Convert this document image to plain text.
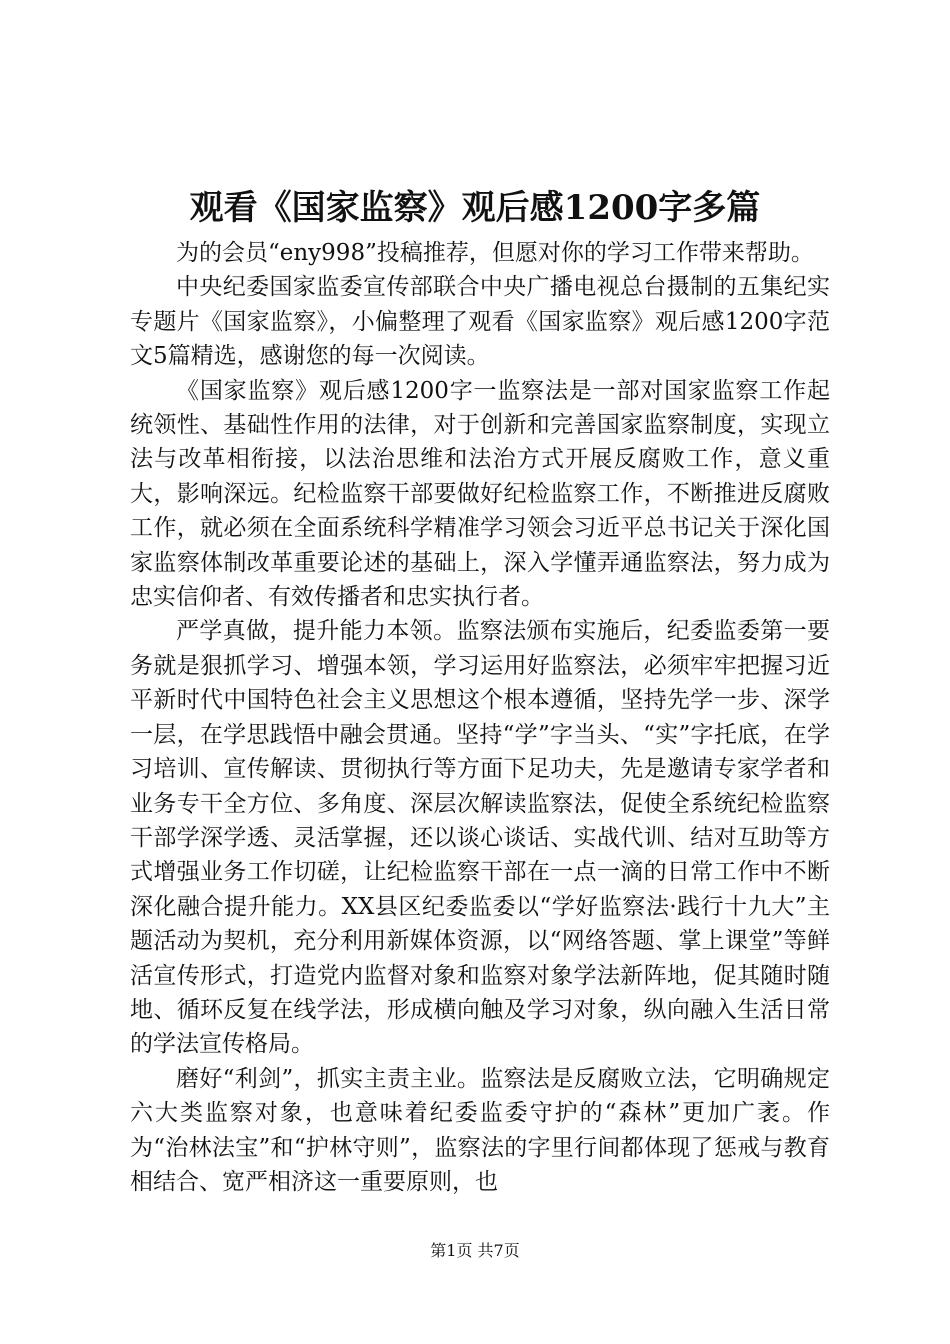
观看《国家监察》观后感1200字多篇

为的会员“eny998”投稿推荐，但愿对你的学习工作带来帮助。

中央纪委国家监委宣传部联合中央广播电视总台摄制的五集纪实专题片《国家监察》，小偏整理了观看《国家监察》观后感1200字范文5篇精选，感谢您的每一次阅读。

《国家监察》观后感1200字一监察法是一部对国家监察工作起统领性、基础性作用的法律，对于创新和完善国家监察制度，实现立法与改革相衔接，以法治思维和法治方式开展反腐败工作，意义重大，影响深远。纪检监察干部要做好纪检监察工作，不断推进反腐败工作，就必须在全面系统科学精准学习领会习近平总书记关于深化国家监察体制改革重要论述的基础上，深入学懂弄通监察法，努力成为忠实信仰者、有效传播者和忠实执行者。

严学真做，提升能力本领。监察法颁布实施后，纪委监委第一要务就是狠抓学习、增强本领，学习运用好监察法，必须牢牢把握习近平新时代中国特色社会主义思想这个根本遵循，坚持先学一步、深学一层，在学思践悟中融会贯通。坚持“学”字当头、“实”字托底，在学习培训、宣传解读、贯彻执行等方面下足功夫，先是邀请专家学者和业务专干全方位、多角度、深层次解读监察法，促使全系统纪检监察干部学深学透、灵活掌握，还以谈心谈话、实战代训、结对互助等方式增强业务工作切磋，让纪检监察干部在一点一滴的日常工作中不断深化融合提升能力。XX县区纪委监委以“学好监察法·践行十九大”主题活动为契机，充分利用新媒体资源，以“网络答题、掌上课堂”等鲜活宣传形式，打造党内监督对象和监察对象学法新阵地，促其随时随地、循环反复在线学法，形成横向触及学习对象，纵向融入生活日常的学法宣传格局。

磨好“利剑”，抓实主责主业。监察法是反腐败立法，它明确规定六大类监察对象，也意味着纪委监委守护的“森林”更加广袤。作为“治林法宝”和“护林守则”，监察法的字里行间都体现了惩戒与教育相结合、宽严相济这一重要原则，也

第1页 共7页
